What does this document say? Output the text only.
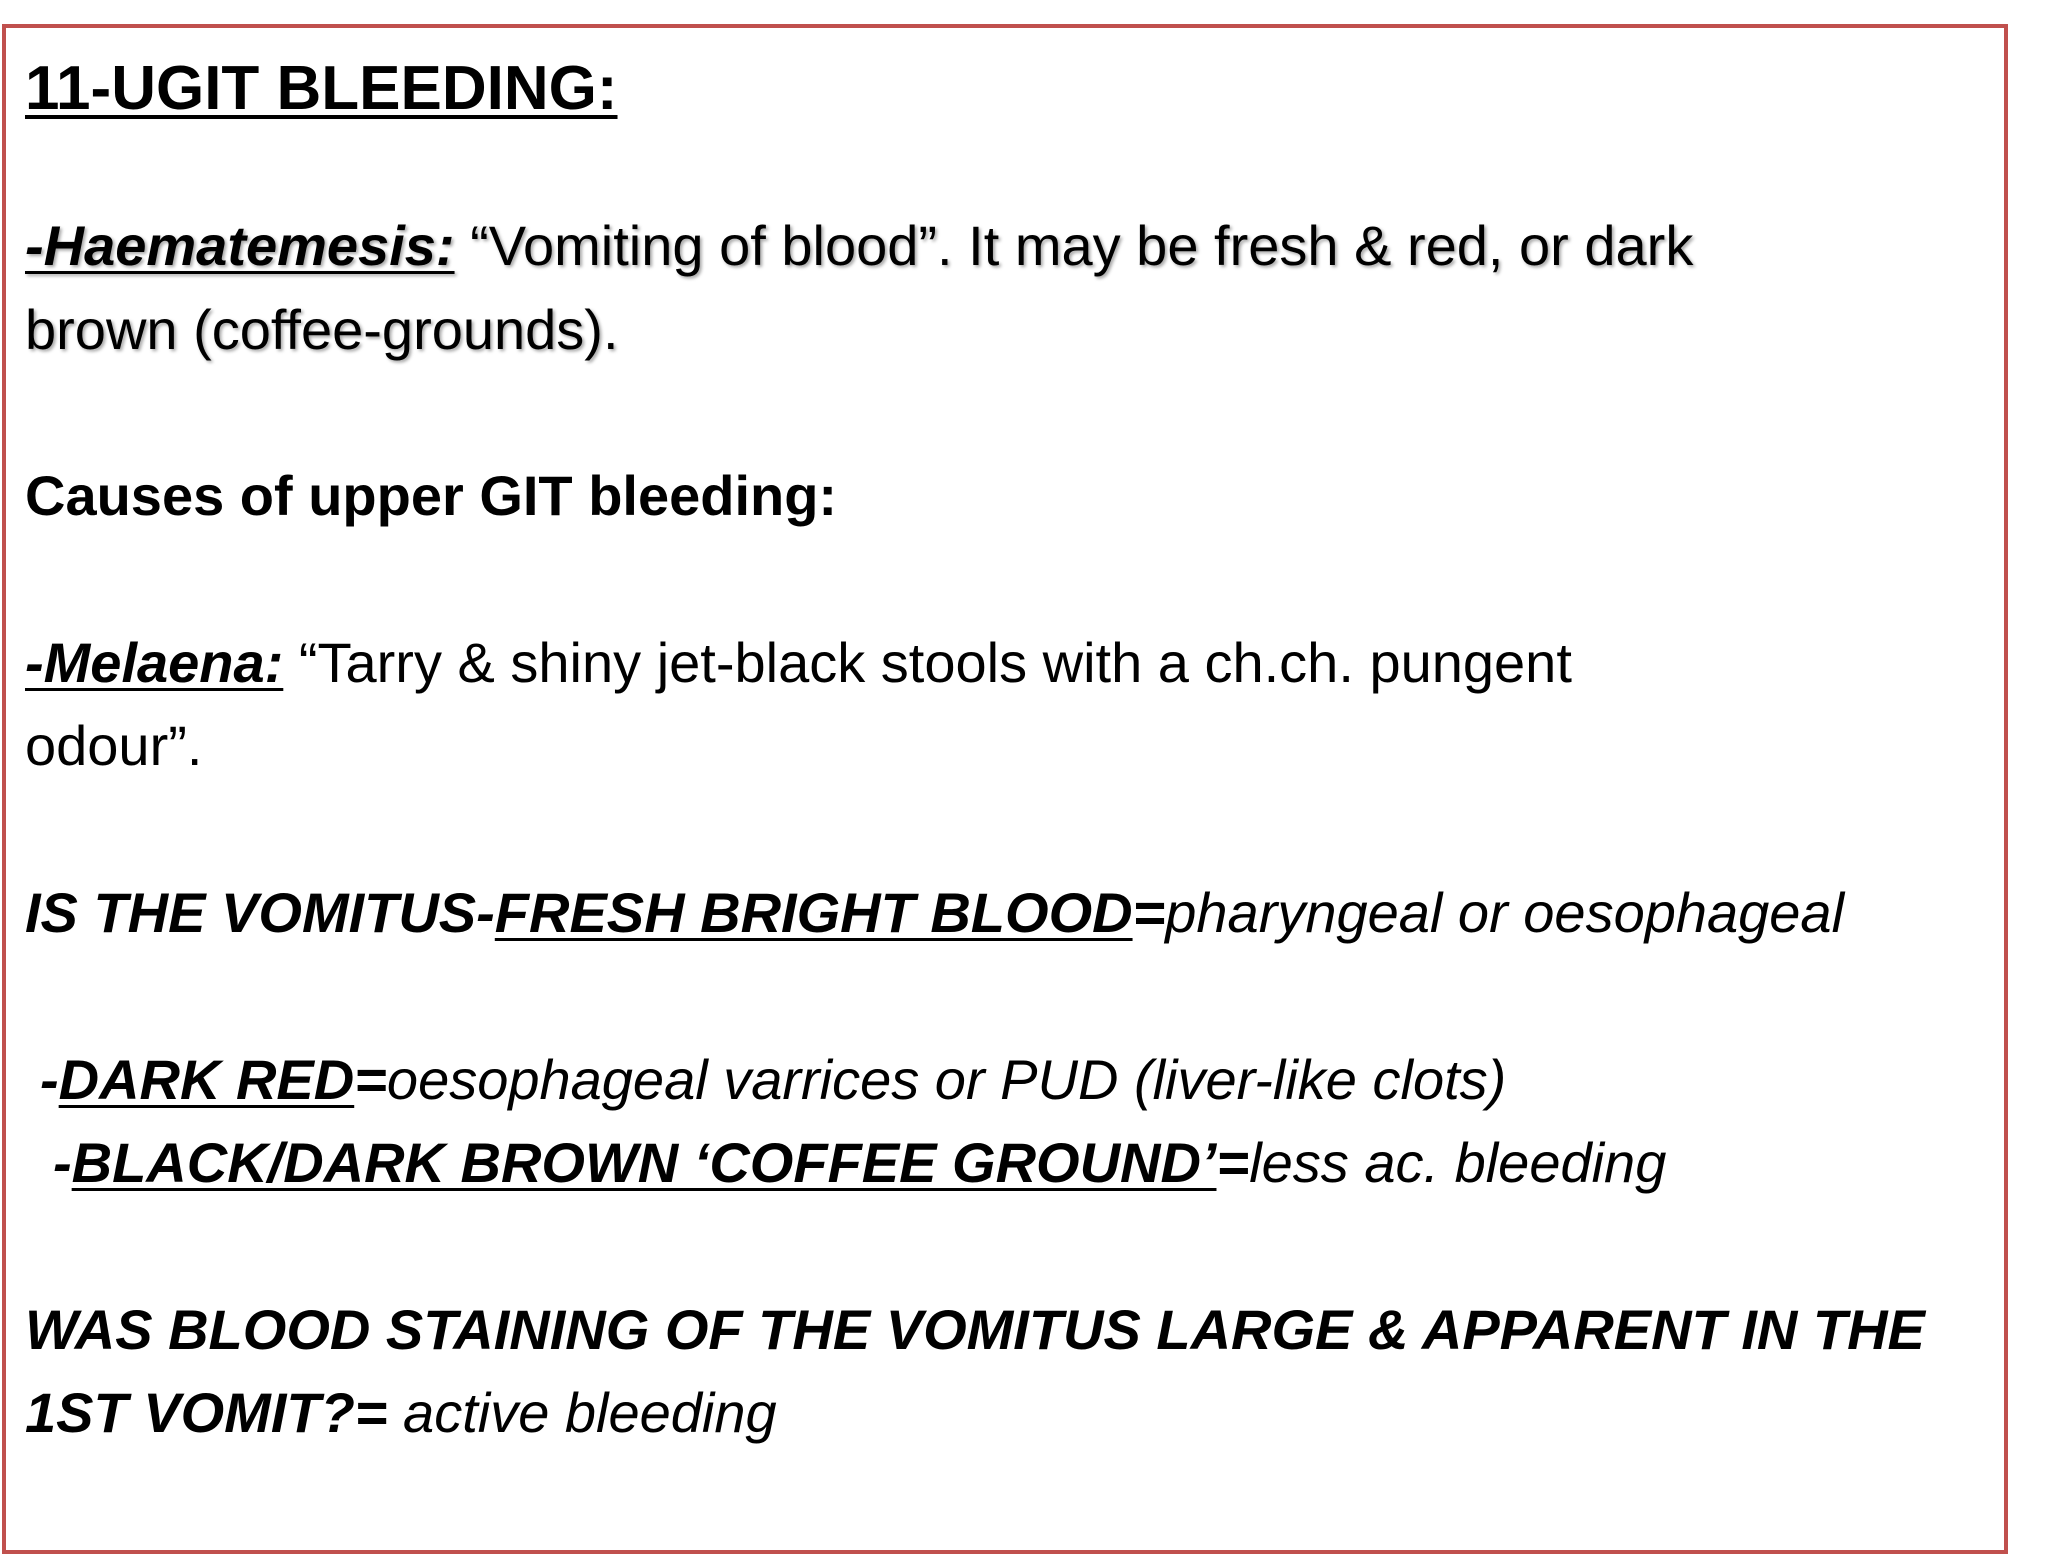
11-UGIT BLEEDING:
-Haematemesis: “Vomiting of blood”. It may be fresh & red, or dark
brown (coffee-grounds).
Causes of upper GIT bleeding:
-Melaena: “Tarry & shiny jet-black stools with a ch.ch. pungent
odour”.
IS THE VOMITUS-FRESH BRIGHT BLOOD=pharyngeal or oesophageal
-DARK RED=oesophageal varrices or PUD (liver-like clots)
-BLACK/DARK BROWN ‘COFFEE GROUND’=less ac. bleeding
WAS BLOOD STAINING OF THE VOMITUS LARGE & APPARENT IN THE
1ST VOMIT?= active bleeding
